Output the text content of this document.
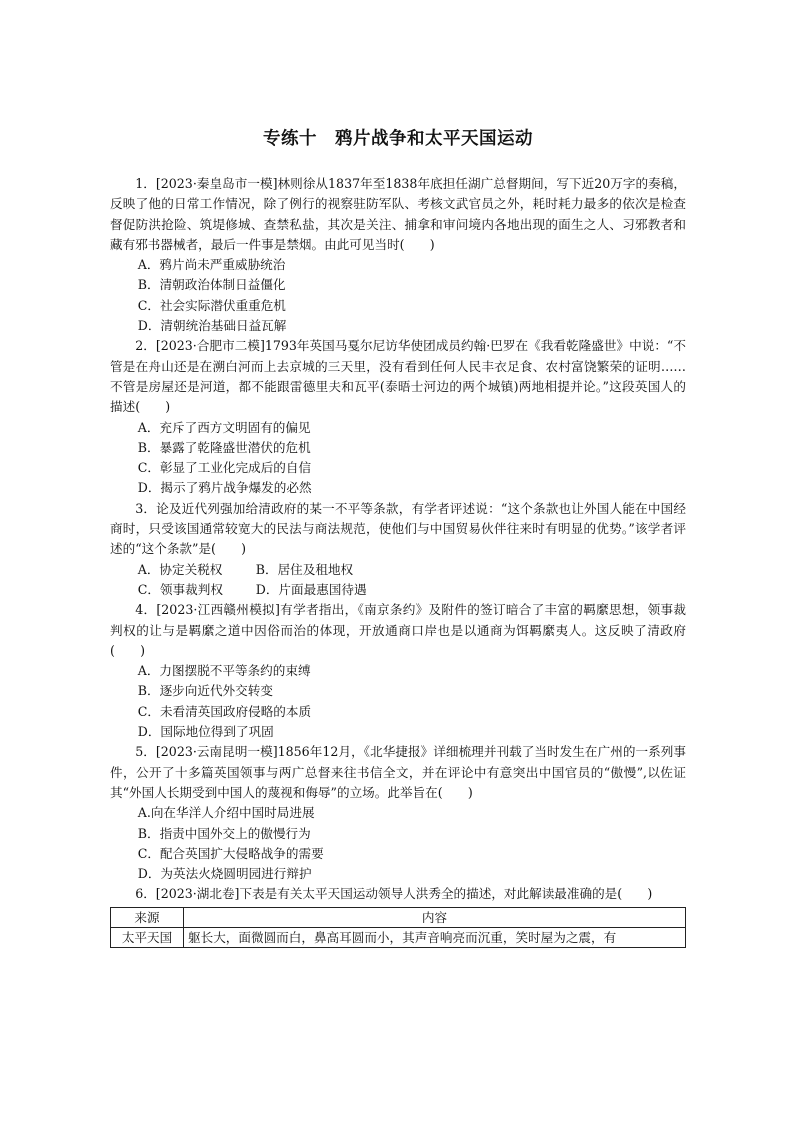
专练十　鸦片战争和太平天国运动

1．[2023·秦皇岛市一模]林则徐从1837年至1838年底担任湖广总督期间，写下近20万字的奏稿，反映了他的日常工作情况，除了例行的视察驻防军队、考核文武官员之外，耗时耗力最多的依次是检查督促防洪抢险、筑堤修城、查禁私盐，其次是关注、捕拿和审问境内各地出现的面生之人、习邪教者和藏有邪书器械者，最后一件事是禁烟。由此可见当时(　　)

A．鸦片尚未严重威胁统治

B．清朝政治体制日益僵化

C．社会实际潜伏重重危机

D．清朝统治基础日益瓦解

2．[2023·合肥市二模]1793年英国马戛尔尼访华使团成员约翰·巴罗在《我看乾隆盛世》中说：“不管是在舟山还是在溯白河而上去京城的三天里，没有看到任何人民丰衣足食、农村富饶繁荣的证明……不管是房屋还是河道，都不能跟雷德里夫和瓦平(泰晤士河边的两个城镇)两地相提并论。”这段英国人的描述(　　)

A．充斥了西方文明固有的偏见

B．暴露了乾隆盛世潜伏的危机

C．彰显了工业化完成后的自信

D．揭示了鸦片战争爆发的必然

3．论及近代列强加给清政府的某一不平等条款，有学者评述说：“这个条款也让外国人能在中国经商时，只受该国通常较宽大的民法与商法规范，使他们与中国贸易伙伴往来时有明显的优势。”该学者评述的“这个条款”是(　　)

A．协定关税权	B．居住及租地权

C．领事裁判权	D．片面最惠国待遇

4．[2023·江西赣州模拟]有学者指出，《南京条约》及附件的签订暗合了丰富的羁縻思想，领事裁判权的让与是羁縻之道中因俗而治的体现，开放通商口岸也是以通商为饵羁縻夷人。这反映了清政府(　　)

A．力图摆脱不平等条约的束缚

B．逐步向近代外交转变

C．未看清英国政府侵略的本质

D．国际地位得到了巩固

5．[2023·云南昆明一模]1856年12月，《北华捷报》详细梳理并刊载了当时发生在广州的一系列事件，公开了十多篇英国领事与两广总督来往书信全文，并在评论中有意突出中国官员的“傲慢”,以佐证其“外国人长期受到中国人的蔑视和侮辱”的立场。此举旨在(　　)

A.向在华洋人介绍中国时局进展

B．指责中国外交上的傲慢行为

C．配合英国扩大侵略战争的需要

D．为英法火烧圆明园进行辩护

6．[2023·湖北卷]下表是有关太平天国运动领导人洪秀全的描述，对此解读最准确的是(　　)

来源	内容
太平天国	躯长大，面微圆而白，鼻高耳圆而小，其声音响亮而沉重，笑时屋为之震，有
